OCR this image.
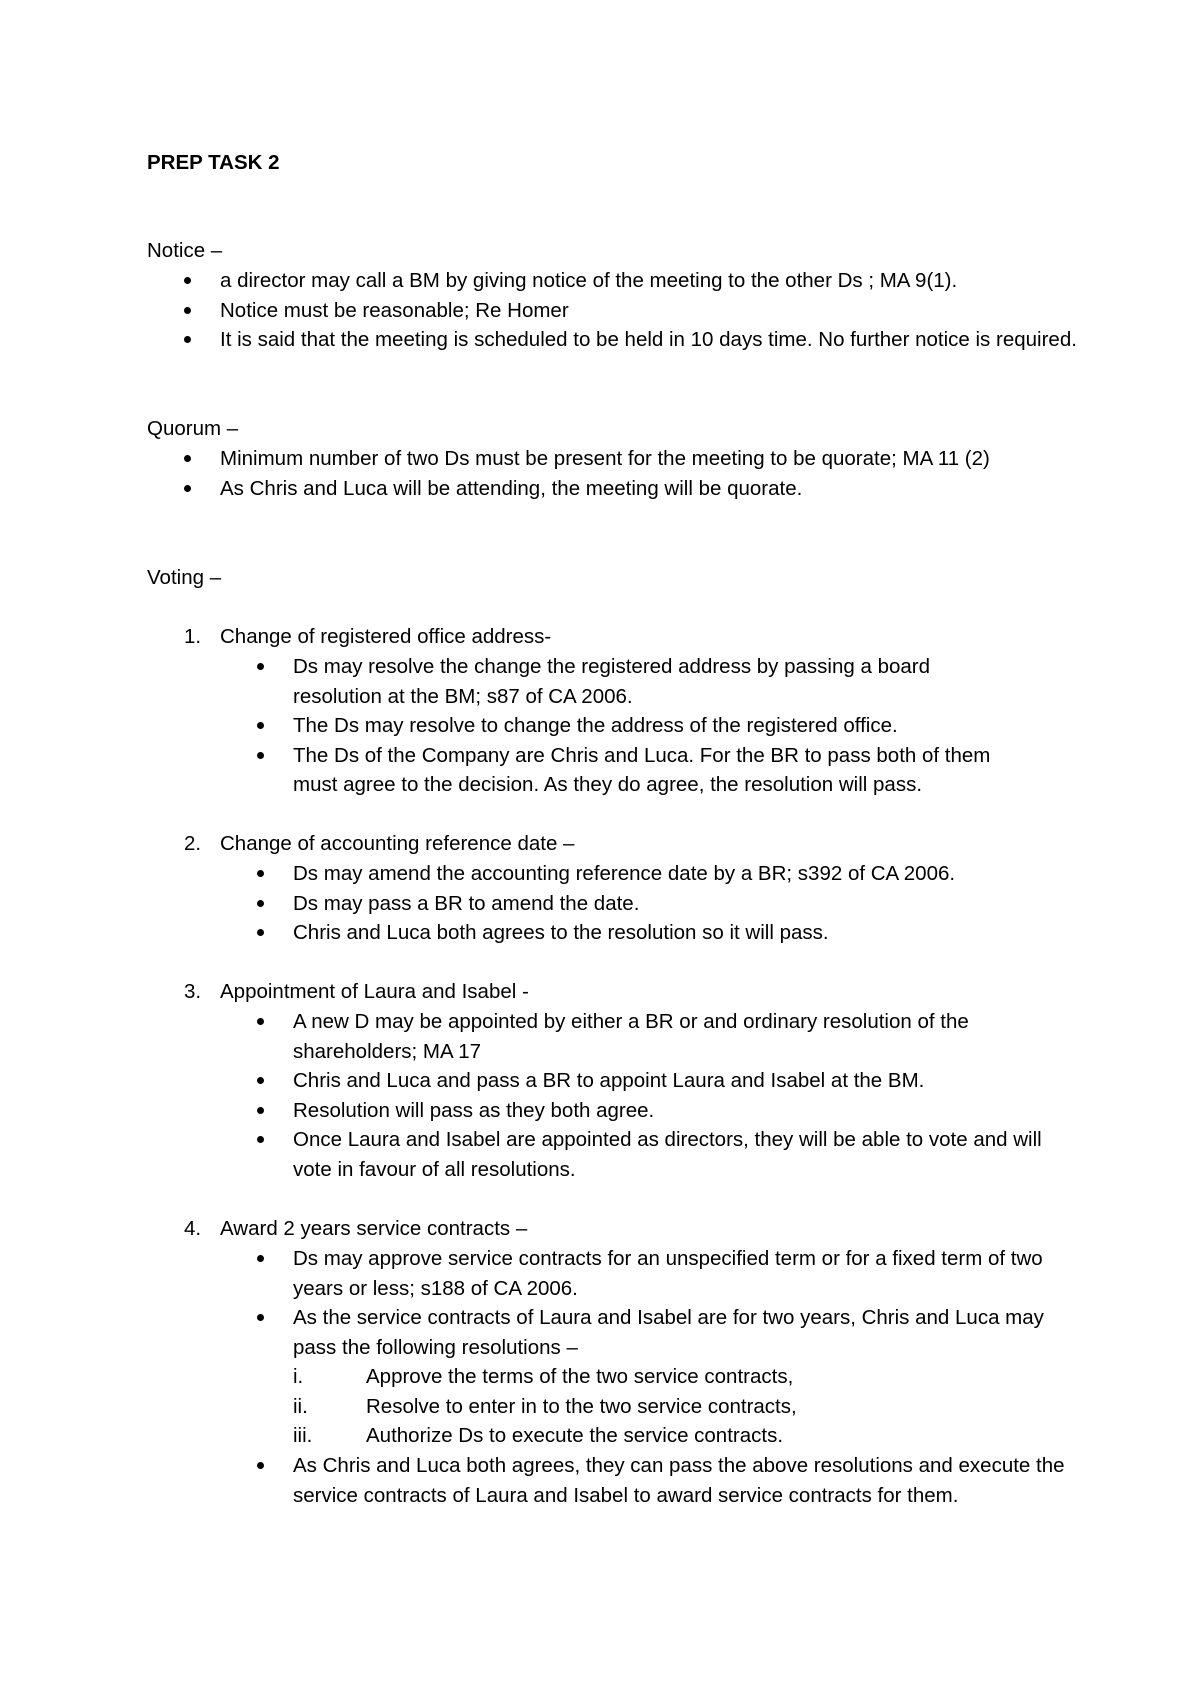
PREP TASK 2

Notice –

a director may call a BM by giving notice of the meeting to the other Ds ; MA 9(1).
Notice must be reasonable; Re Homer
It is said that the meeting is scheduled to be held in 10 days time. No further notice is required.

Quorum –

Minimum number of two Ds must be present for the meeting to be quorate; MA 11 (2)
As Chris and Luca will be attending, the meeting will be quorate.

Voting –

1. Change of registered office address-
Ds may resolve the change the registered address by passing a board resolution at the BM; s87 of CA 2006.
The Ds may resolve to change the address of the registered office.
The Ds of the Company are Chris and Luca. For the BR to pass both of them must agree to the decision. As they do agree, the resolution will pass.
2. Change of accounting reference date –
Ds may amend the accounting reference date by a BR; s392 of CA 2006.
Ds may pass a BR to amend the date.
Chris and Luca both agrees to the resolution so it will pass.
3. Appointment of Laura and Isabel -
A new D may be appointed by either a BR or and ordinary resolution of the shareholders; MA 17
Chris and Luca and pass a BR to appoint Laura and Isabel at the BM.
Resolution will pass as they both agree.
Once Laura and Isabel are appointed as directors, they will be able to vote and will vote in favour of all resolutions.
4. Award 2 years service contracts –
Ds may approve service contracts for an unspecified term or for a fixed term of two years or less; s188 of CA 2006.
As the service contracts of Laura and Isabel are for two years, Chris and Luca may pass the following resolutions –
i.	Approve the terms of the two service contracts,
ii.	Resolve to enter in to the two service contracts,
iii.	Authorize Ds to execute the service contracts.
As Chris and Luca both agrees, they can pass the above resolutions and execute the service contracts of Laura and Isabel to award service contracts for them.
